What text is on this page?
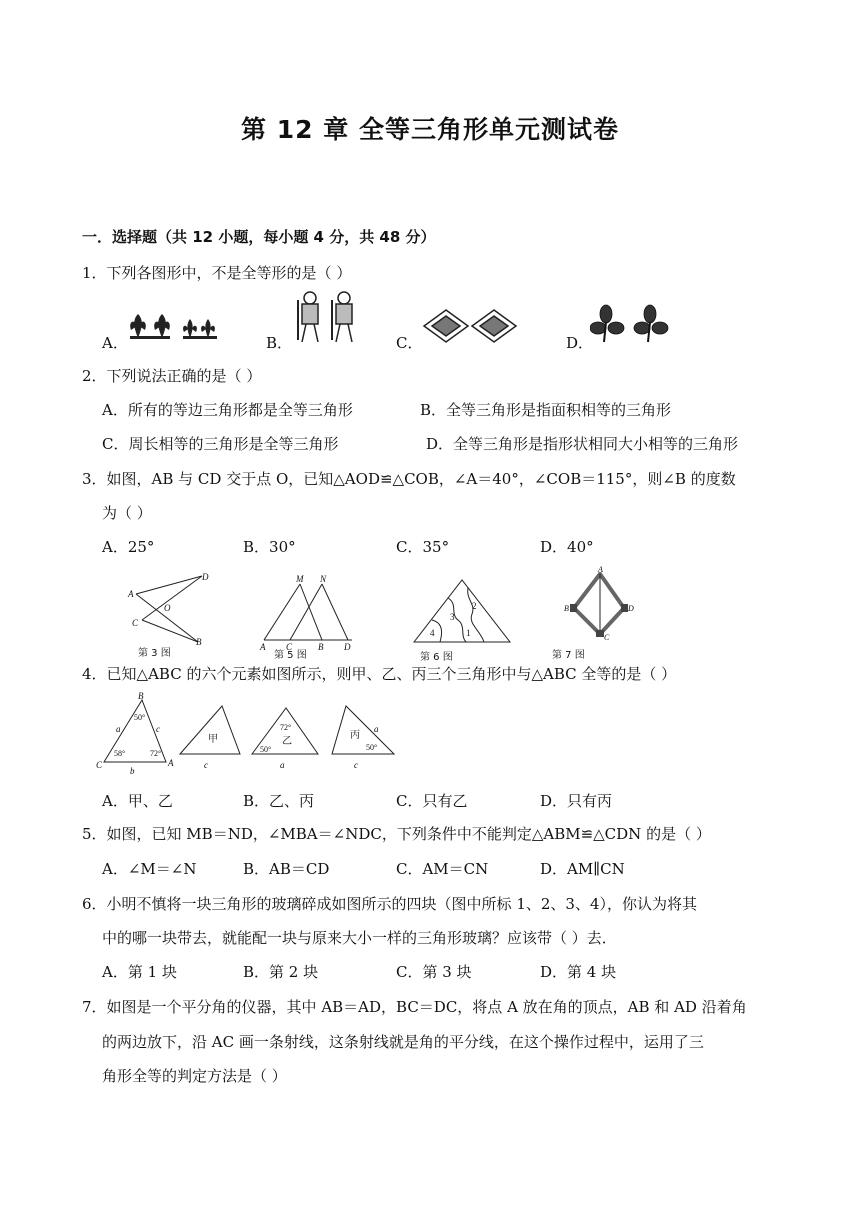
第 12 章 全等三角形单元测试卷
一．选择题（共 12 小题，每小题 4 分，共 48 分）
1．下列各图形中，不是全等形的是（ ）
A．	B．	C．	D．
2．下列说法正确的是（ ）
A．所有的等边三角形都是全等三角形	B．全等三角形是指面积相等的三角形
C．周长相等的三角形是全等三角形	D．全等三角形是指形状相同大小相等的三角形
3．如图，AB 与 CD 交于点 O，已知△AOD≌△COB，∠A＝40°，∠COB＝115°，则∠B 的度数
为（ ）
A．25°	B．30°	C．35°	D．40°
A
D
O
C
B
第 3 图
M N
A C	B D
第 5 图
2
3
4	1
第 6 图
A
B	D
C
第 7 图
4．已知△ABC 的六个元素如图所示，则甲、乙、丙三个三角形中与△ABC 全等的是（ ）
B
C	A
a	c
b
50°
58°	72°
甲
c
72°
乙
50°
a
丙
a
50°
c
A．甲、乙	B．乙、丙	C．只有乙	D．只有丙
5．如图，已知 MB＝ND，∠MBA＝∠NDC，下列条件中不能判定△ABM≌△CDN 的是（ ）
A．∠M＝∠N	B．AB＝CD	C．AM＝CN	D．AM∥CN
6．小明不慎将一块三角形的玻璃碎成如图所示的四块（图中所标 1、2、3、4），你认为将其
中的哪一块带去，就能配一块与原来大小一样的三角形玻璃？应该带（ ）去．
A．第 1 块	B．第 2 块	C．第 3 块	D．第 4 块
7．如图是一个平分角的仪器，其中 AB＝AD，BC＝DC，将点 A 放在角的顶点，AB 和 AD 沿着角
的两边放下，沿 AC 画一条射线，这条射线就是角的平分线，在这个操作过程中，运用了三
角形全等的判定方法是（ ）
